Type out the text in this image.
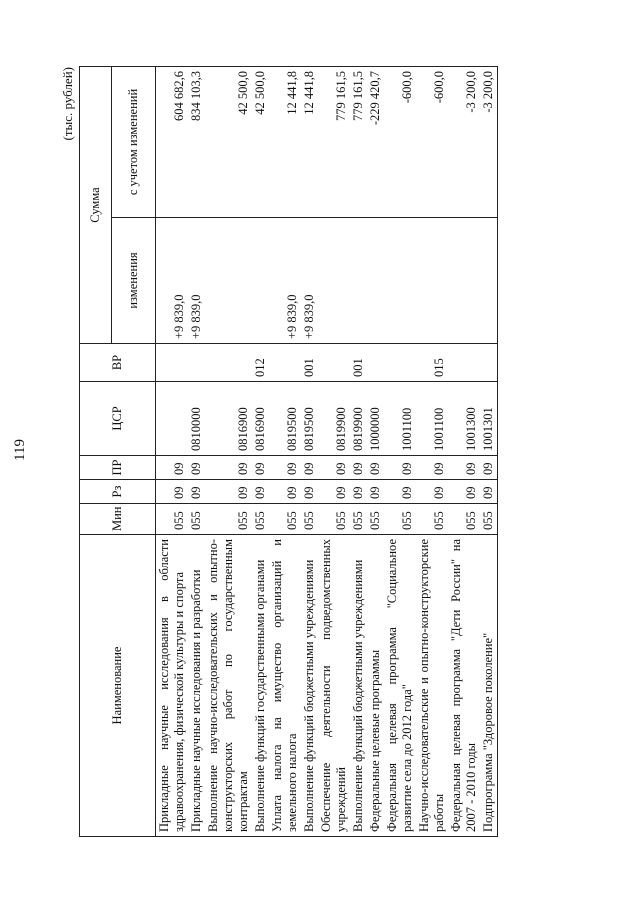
119
(тыс. рублей)
Наименование	Мин	Рз	ПР	ЦСР	ВР	Сумма	
						изменения	с учетом изменений
Прикладные научные исследования в области здравоохранения, физической культуры и спорта	055	09	09			+9 839,0	604 682,6
Прикладные научные исследования и разработки	055	09	09	0810000		+9 839,0	834 103,3
Выполнение научно-исследовательских и опытно-конструкторских работ по государственным контрактам	055	09	09	0816900			42 500,0
Выполнение функций государственными органами	055	09	09	0816900	012		42 500,0
Уплата налога на имущество организаций и земельного налога	055	09	09	0819500		+9 839,0	12 441,8
Выполнение функций бюджетными учреждениями	055	09	09	0819500	001	+9 839,0	12 441,8
Обеспечение деятельности подведомственных учреждений	055	09	09	0819900			779 161,5
Выполнение функций бюджетными учреждениями	055	09	09	0819900	001		779 161,5
Федеральные целевые программы	055	09	09	1000000			-229 420,7
Федеральная целевая программа "Социальное развитие села до 2012 года"	055	09	09	1001100			-600,0
Научно-исследовательские и опытно-конструкторские работы	055	09	09	1001100	015		-600,0
Федеральная целевая программа "Дети России" на 2007 - 2010 годы	055	09	09	1001300			-3 200,0
Подпрограмма "Здоровое поколение"	055	09	09	1001301			-3 200,0
